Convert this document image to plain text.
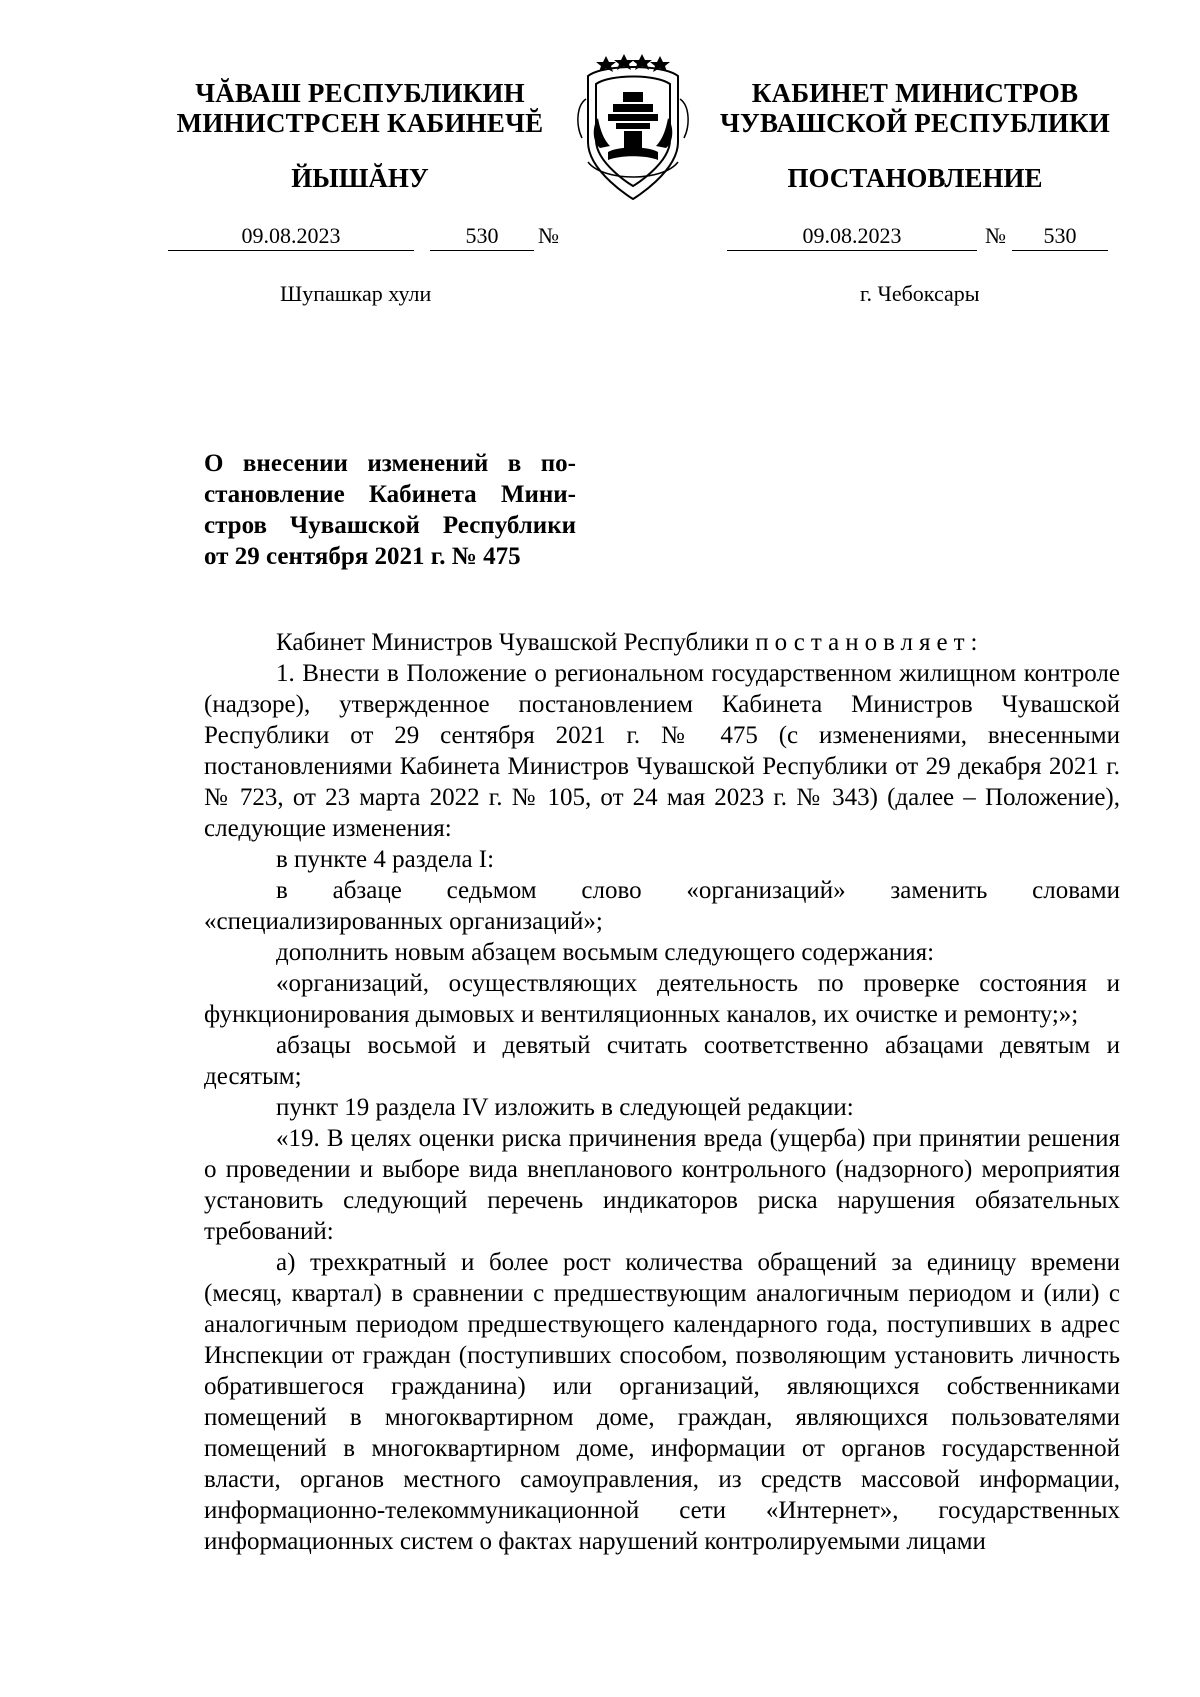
ЧĂВАШ РЕСПУБЛИКИН
МИНИСТРСЕН КАБИНЕЧĔ
КАБИНЕТ МИНИСТРОВ
ЧУВАШСКОЙ РЕСПУБЛИКИ
ЙЫШĂНУ	ПОСТАНОВЛЕНИЕ
09.08.2023	530	№	09.08.2023	№	530
Шупашкар хули	г. Чебоксары
О внесении изменений в по-
становление Кабинета Мини-
стров Чувашской Республики
от 29 сентября 2021 г. № 475

Кабинет Министров Чувашской Республики постановляет:

1. Внести в Положение о региональном государственном жилищном контроле (надзоре), утвержденное постановлением Кабинета Министров Чувашской Республики от 29 сентября 2021 г. № 475 (с изменениями, внесенными постановлениями Кабинета Министров Чувашской Республики от 29 декабря 2021 г. № 723, от 23 марта 2022 г. № 105, от 24 мая 2023 г. № 343) (далее – Положение), следующие изменения:

в пункте 4 раздела I:

в абзаце седьмом слово «организаций» заменить словами «специализированных организаций»;

дополнить новым абзацем восьмым следующего содержания:

«организаций, осуществляющих деятельность по проверке состояния и функционирования дымовых и вентиляционных каналов, их очистке и ремонту;»;

абзацы восьмой и девятый считать соответственно абзацами девятым и десятым;

пункт 19 раздела IV изложить в следующей редакции:

«19. В целях оценки риска причинения вреда (ущерба) при принятии решения о проведении и выборе вида внепланового контрольного (надзорного) мероприятия установить следующий перечень индикаторов риска нарушения обязательных требований:

а) трехкратный и более рост количества обращений за единицу времени (месяц, квартал) в сравнении с предшествующим аналогичным периодом и (или) с аналогичным периодом предшествующего календарного года, поступивших в адрес Инспекции от граждан (поступивших способом, позволяющим установить личность обратившегося гражданина) или организаций, являющихся собственниками помещений в многоквартирном доме, граждан, являющихся пользователями помещений в многоквартирном доме, информации от органов государственной власти, органов местного самоуправления, из средств массовой информации, информационно-телекоммуникационной сети «Интернет», государственных информационных систем о фактах нарушений контролируемыми лицами
